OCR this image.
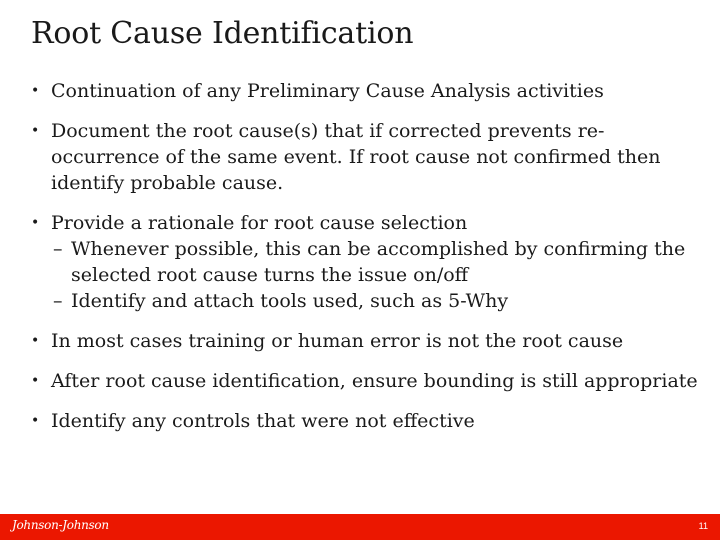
Root Cause Identification
• Continuation of any Preliminary Cause Analysis activities
• Document the root cause(s) that if corrected prevents re-occurrence of the same event. If root cause not confirmed then identify probable cause.
• Provide a rationale for root cause selection
– Whenever possible, this can be accomplished by confirming the selected root cause turns the issue on/off
– Identify and attach tools used, such as 5-Why
• In most cases training or human error is not the root cause
• After root cause identification, ensure bounding is still appropriate
• Identify any controls that were not effective
Johnson-Johnson	11
